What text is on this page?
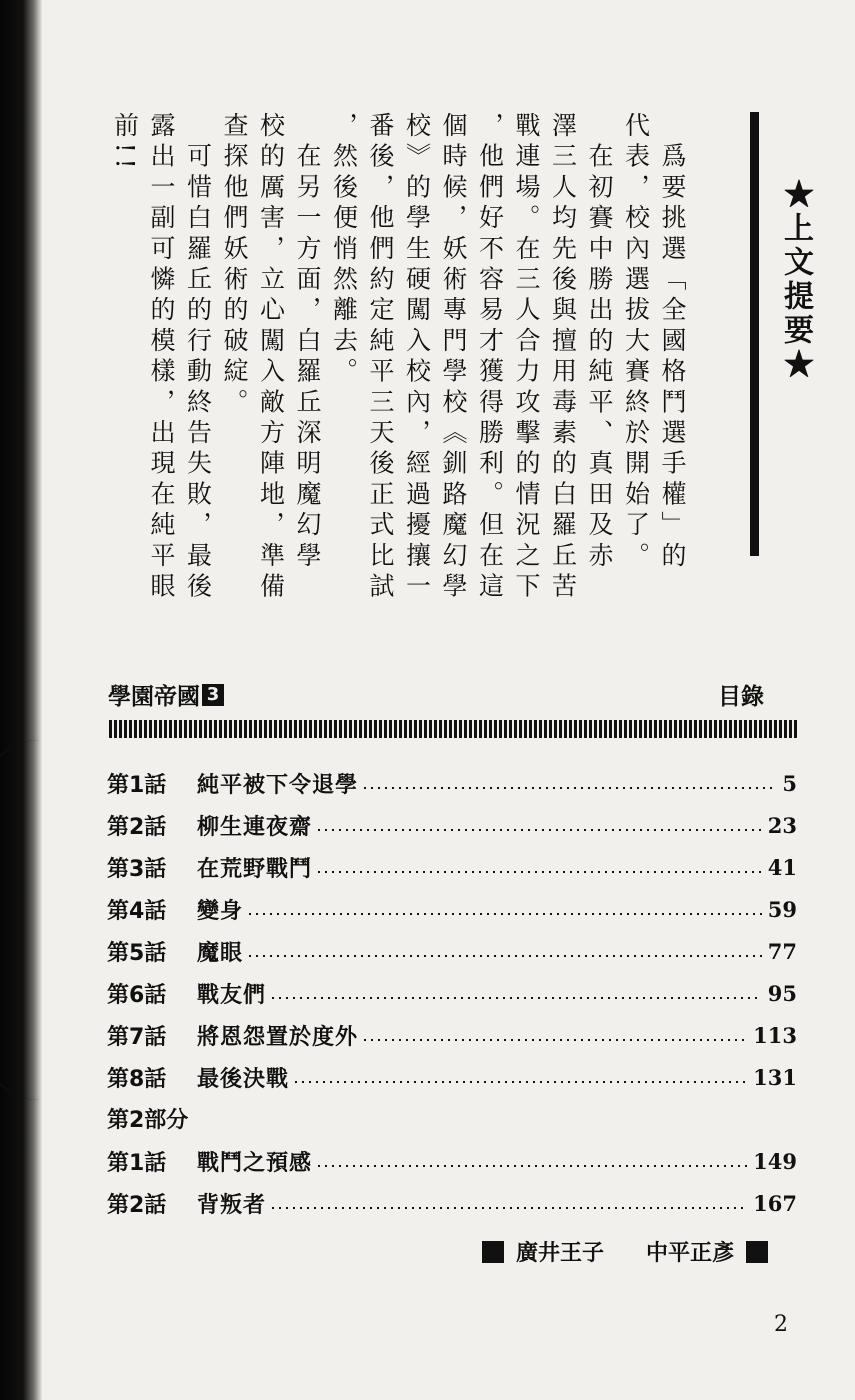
★上文提要★
　爲要挑選「全國格鬥選手權」的
代表，校內選拔大賽終於開始了。
　在初賽中勝出的純平、真田及赤
澤三人均先後與擅用毒素的白羅丘苦
戰連場。在三人合力攻擊的情況之下
，他們好不容易才獲得勝利。但在這
個時候，妖術專門學校《釧路魔幻學
校》的學生硬闖入校內，經過擾攘一
番後，他們約定純平三天後正式比試
，然後便悄然離去。
　在另一方面，白羅丘深明魔幻學
校的厲害，立心闖入敵方陣地，準備
查探他們妖術的破綻。
　可惜白羅丘的行動終告失敗，最後
露出一副可憐的模樣，出現在純平眼
前!!
學園帝國 3	目錄
第1話	純平被下令退學	5
第2話	柳生連夜齋	23
第3話	在荒野戰鬥	41
第4話	變身	59
第5話	魔眼	77
第6話	戰友們	95
第7話	將恩怨置於度外	113
第8話	最後決戰	131
第2部分
第1話	戰鬥之預感	149
第2話	背叛者	167
廣井王子 中平正彥
2
